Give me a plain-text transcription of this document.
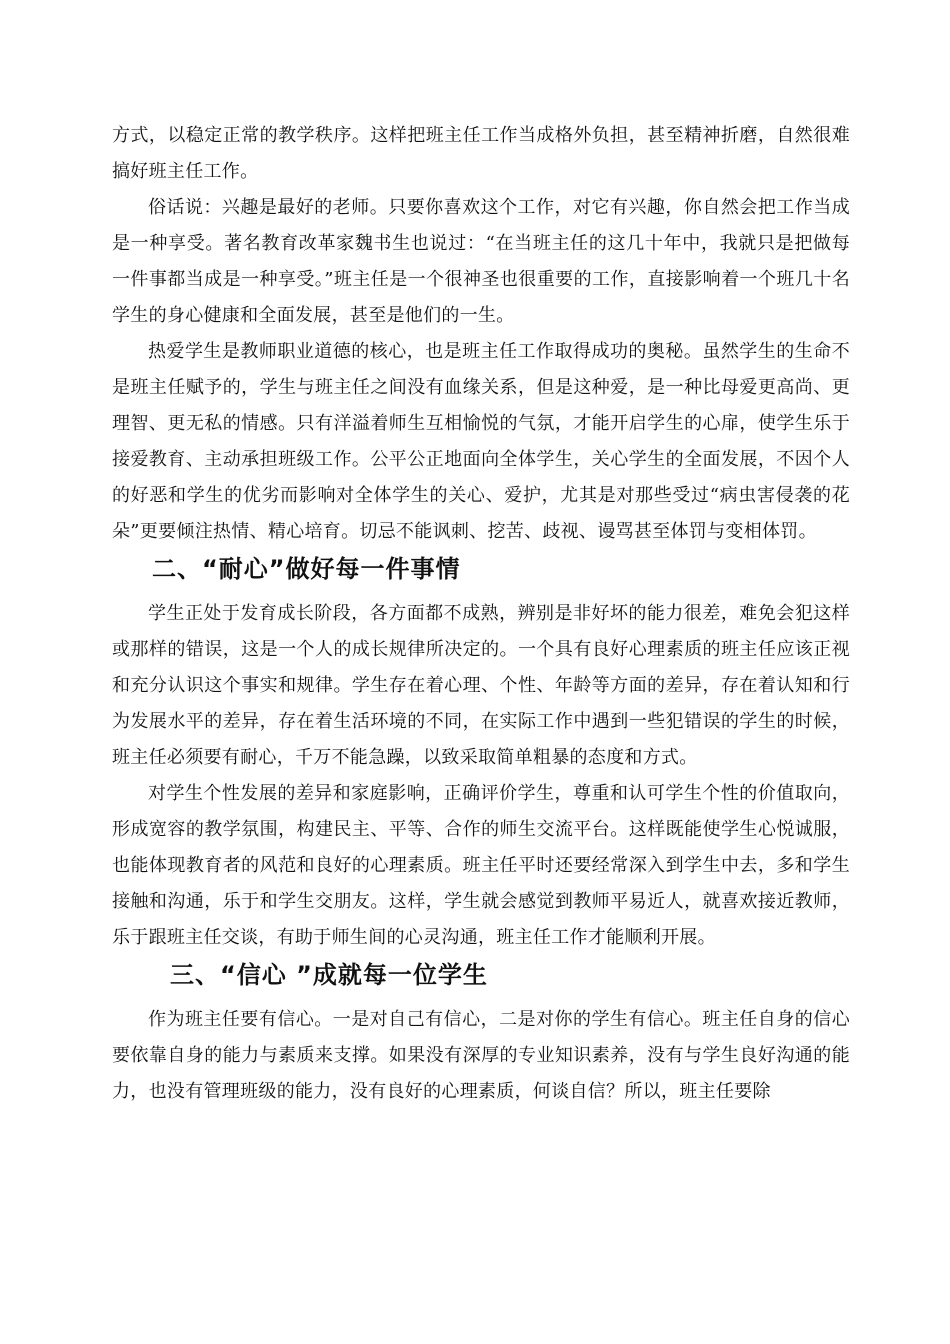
方式，以稳定正常的教学秩序。这样把班主任工作当成格外负担，甚至精神折磨，自然很难搞好班主任工作。

俗话说：兴趣是最好的老师。只要你喜欢这个工作，对它有兴趣，你自然会把工作当成是一种享受。著名教育改革家魏书生也说过：“在当班主任的这几十年中，我就只是把做每一件事都当成是一种享受。”班主任是一个很神圣也很重要的工作，直接影响着一个班几十名学生的身心健康和全面发展，甚至是他们的一生。

热爱学生是教师职业道德的核心，也是班主任工作取得成功的奥秘。虽然学生的生命不是班主任赋予的，学生与班主任之间没有血缘关系，但是这种爱，是一种比母爱更高尚、更理智、更无私的情感。只有洋溢着师生互相愉悦的气氛，才能开启学生的心扉，使学生乐于接爱教育、主动承担班级工作。公平公正地面向全体学生，关心学生的全面发展，不因个人的好恶和学生的优劣而影响对全体学生的关心、爱护，尤其是对那些受过“病虫害侵袭的花朵”更要倾注热情、精心培育。切忌不能讽刺、挖苦、歧视、谩骂甚至体罚与变相体罚。

二、“耐心”做好每一件事情

学生正处于发育成长阶段，各方面都不成熟，辨别是非好坏的能力很差，难免会犯这样或那样的错误，这是一个人的成长规律所决定的。一个具有良好心理素质的班主任应该正视和充分认识这个事实和规律。学生存在着心理、个性、年龄等方面的差异，存在着认知和行为发展水平的差异，存在着生活环境的不同，在实际工作中遇到一些犯错误的学生的时候，班主任必须要有耐心，千万不能急躁，以致采取简单粗暴的态度和方式。

对学生个性发展的差异和家庭影响，正确评价学生，尊重和认可学生个性的价值取向，形成宽容的教学氛围，构建民主、平等、合作的师生交流平台。这样既能使学生心悦诚服，也能体现教育者的风范和良好的心理素质。班主任平时还要经常深入到学生中去，多和学生接触和沟通，乐于和学生交朋友。这样，学生就会感觉到教师平易近人，就喜欢接近教师，乐于跟班主任交谈，有助于师生间的心灵沟通，班主任工作才能顺利开展。

三、“信心 ”成就每一位学生

作为班主任要有信心。一是对自己有信心，二是对你的学生有信心。班主任自身的信心要依靠自身的能力与素质来支撑。如果没有深厚的专业知识素养，没有与学生良好沟通的能力，也没有管理班级的能力，没有良好的心理素质，何谈自信？所以，班主任要除
